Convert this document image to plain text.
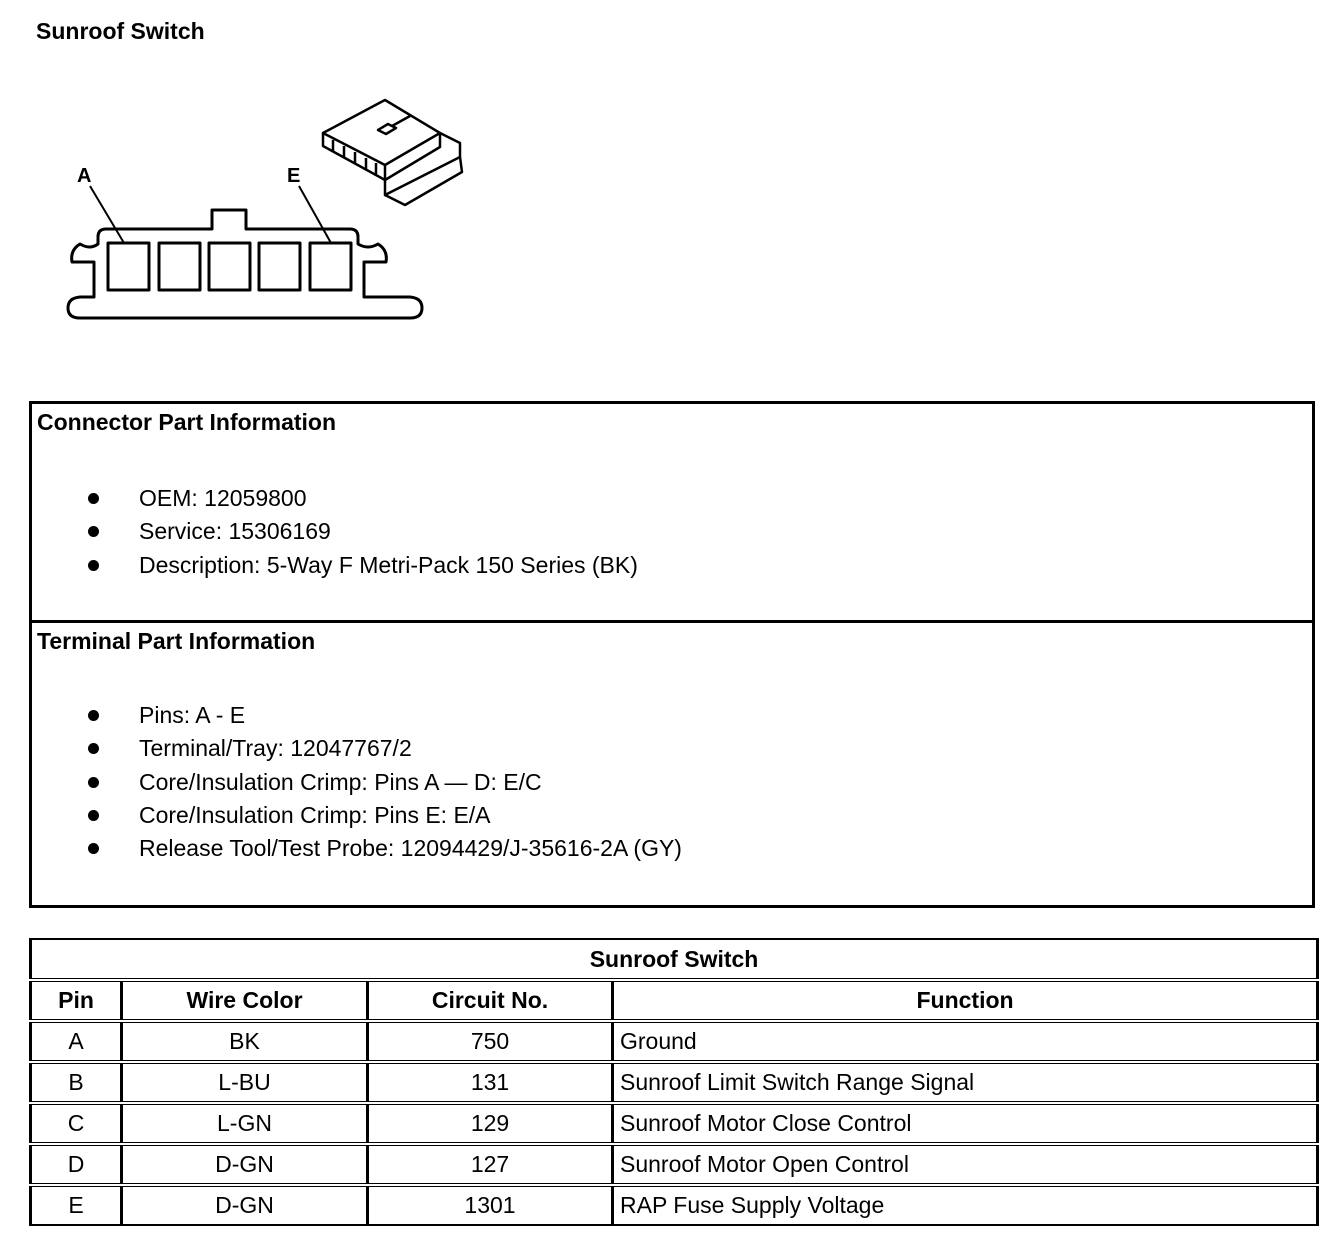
Sunroof Switch
A	E
Connector Part Information
OEM: 12059800
Service: 15306169
Description: 5-Way F Metri-Pack 150 Series (BK)
Terminal Part Information
Pins: A - E
Terminal/Tray: 12047767/2
Core/Insulation Crimp: Pins A — D: E/C
Core/Insulation Crimp: Pins E: E/A
Release Tool/Test Probe: 12094429/J-35616-2A (GY)
Sunroof Switch			
Pin	Wire Color	Circuit No.	Function
A	BK	750	Ground
B	L-BU	131	Sunroof Limit Switch Range Signal
C	L-GN	129	Sunroof Motor Close Control
D	D-GN	127	Sunroof Motor Open Control
E	D-GN	1301	RAP Fuse Supply Voltage
